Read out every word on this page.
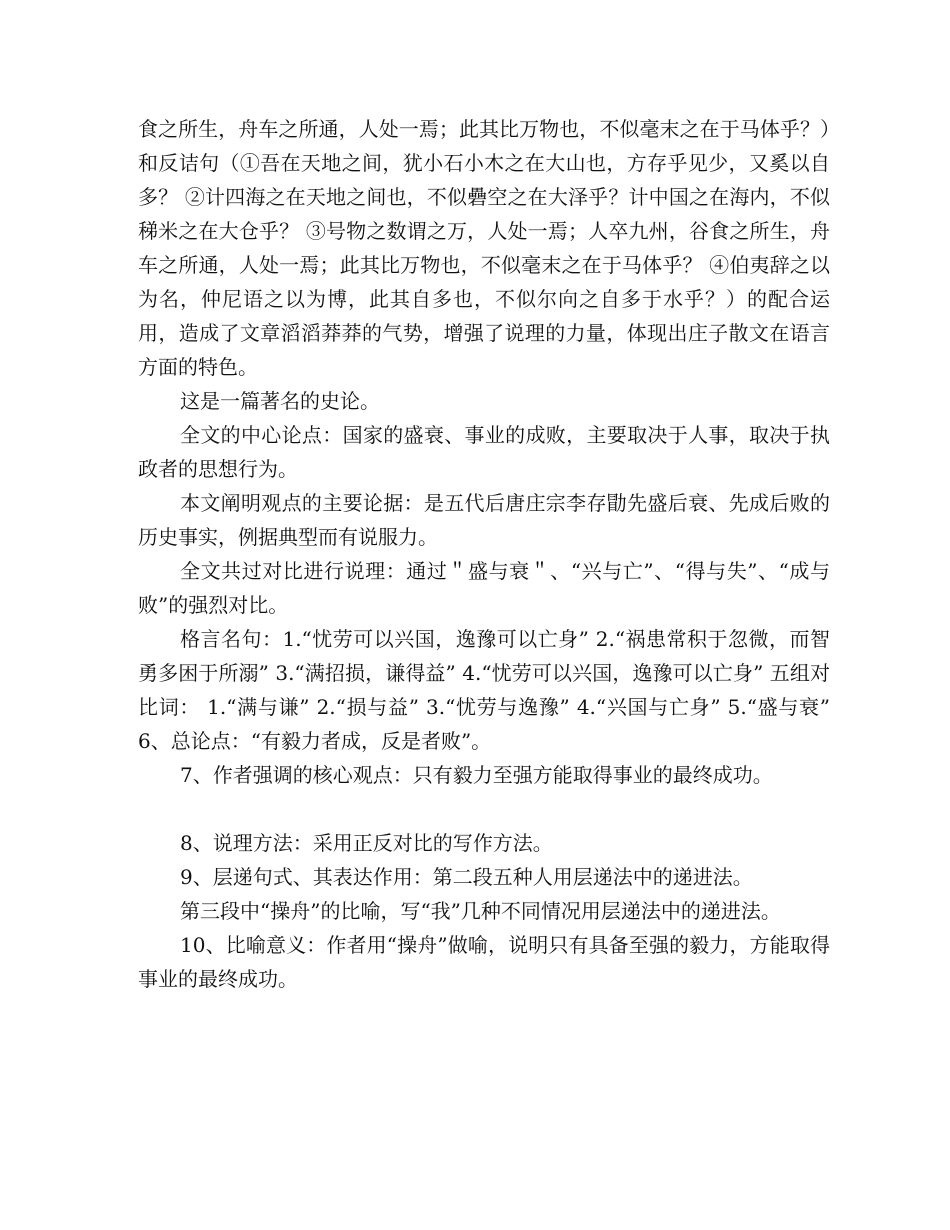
食之所生，舟车之所通，人处一焉；此其比万物也，不似毫末之在于马体乎？）和反诘句（①吾在天地之间，犹小石小木之在大山也，方存乎见少，又奚以自多？ ②计四海之在天地之间也，不似礨空之在大泽乎？计中国之在海内，不似稊米之在大仓乎？ ③号物之数谓之万，人处一焉；人卒九州，谷食之所生，舟车之所通，人处一焉；此其比万物也，不似毫末之在于马体乎？ ④伯夷辞之以为名，仲尼语之以为博，此其自多也，不似尔向之自多于水乎？）的配合运用，造成了文章滔滔莽莽的气势，增强了说理的力量，体现出庄子散文在语言方面的特色。

这是一篇著名的史论。

全文的中心论点：国家的盛衰、事业的成败，主要取决于人事，取决于执政者的思想行为。

本文阐明观点的主要论据：是五代后唐庄宗李存勖先盛后衰、先成后败的历史事实，例据典型而有说服力。

全文共过对比进行说理：通过＂盛与衰＂、“兴与亡”、“得与失”、“成与败”的强烈对比。

格言名句：1.“忧劳可以兴国，逸豫可以亡身” 2.“祸患常积于忽微，而智勇多困于所溺” 3.“满招损，谦得益” 4.“忧劳可以兴国，逸豫可以亡身” 五组对比词： 1.“满与谦” 2.“损与益” 3.“忧劳与逸豫” 4.“兴国与亡身” 5.“盛与衰” 6、总论点：“有毅力者成，反是者败”。

7、作者强调的核心观点：只有毅力至强方能取得事业的最终成功。

8、说理方法：采用正反对比的写作方法。

9、层递句式、其表达作用：第二段五种人用层递法中的递进法。

第三段中“操舟”的比喻，写“我”几种不同情况用层递法中的递进法。

10、比喻意义：作者用“操舟”做喻，说明只有具备至强的毅力，方能取得事业的最终成功。
